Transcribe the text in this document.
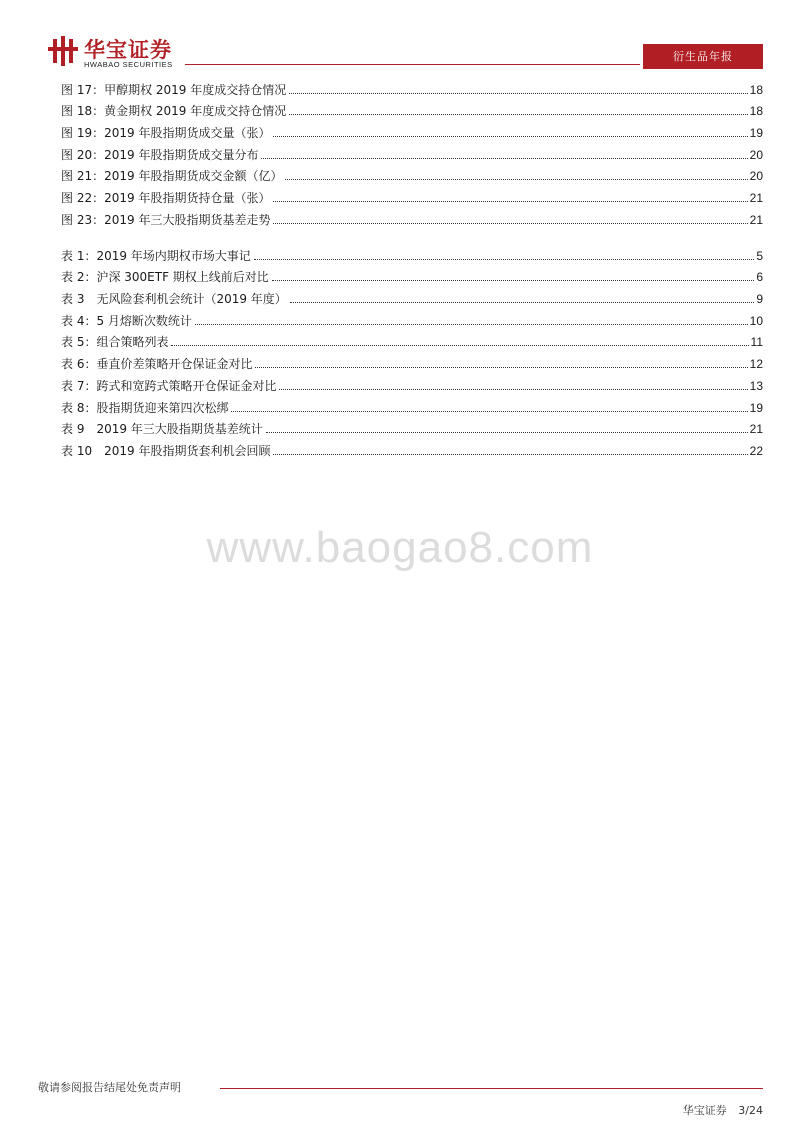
华宝证券
HWABAO SECURITIES
衍生品年报
图 17：甲醇期权 2019 年度成交持仓情况	18
图 18：黄金期权 2019 年度成交持仓情况	18
图 19：2019 年股指期货成交量（张）	19
图 20：2019 年股指期货成交量分布	20
图 21：2019 年股指期货成交金额（亿）	20
图 22：2019 年股指期货持仓量（张）	21
图 23：2019 年三大股指期货基差走势	21
表 1：2019 年场内期权市场大事记	5
表 2：沪深 300ETF 期权上线前后对比	6
表 3　无风险套利机会统计（2019 年度）	9
表 4：5 月熔断次数统计	10
表 5：组合策略列表	11
表 6：垂直价差策略开仓保证金对比	12
表 7：跨式和宽跨式策略开仓保证金对比	13
表 8：股指期货迎来第四次松绑	19
表 9　2019 年三大股指期货基差统计	21
表 10　2019 年股指期货套利机会回顾	22
www.baogao8.com
敬请参阅报告结尾处免责声明
华宝证券 3/24
